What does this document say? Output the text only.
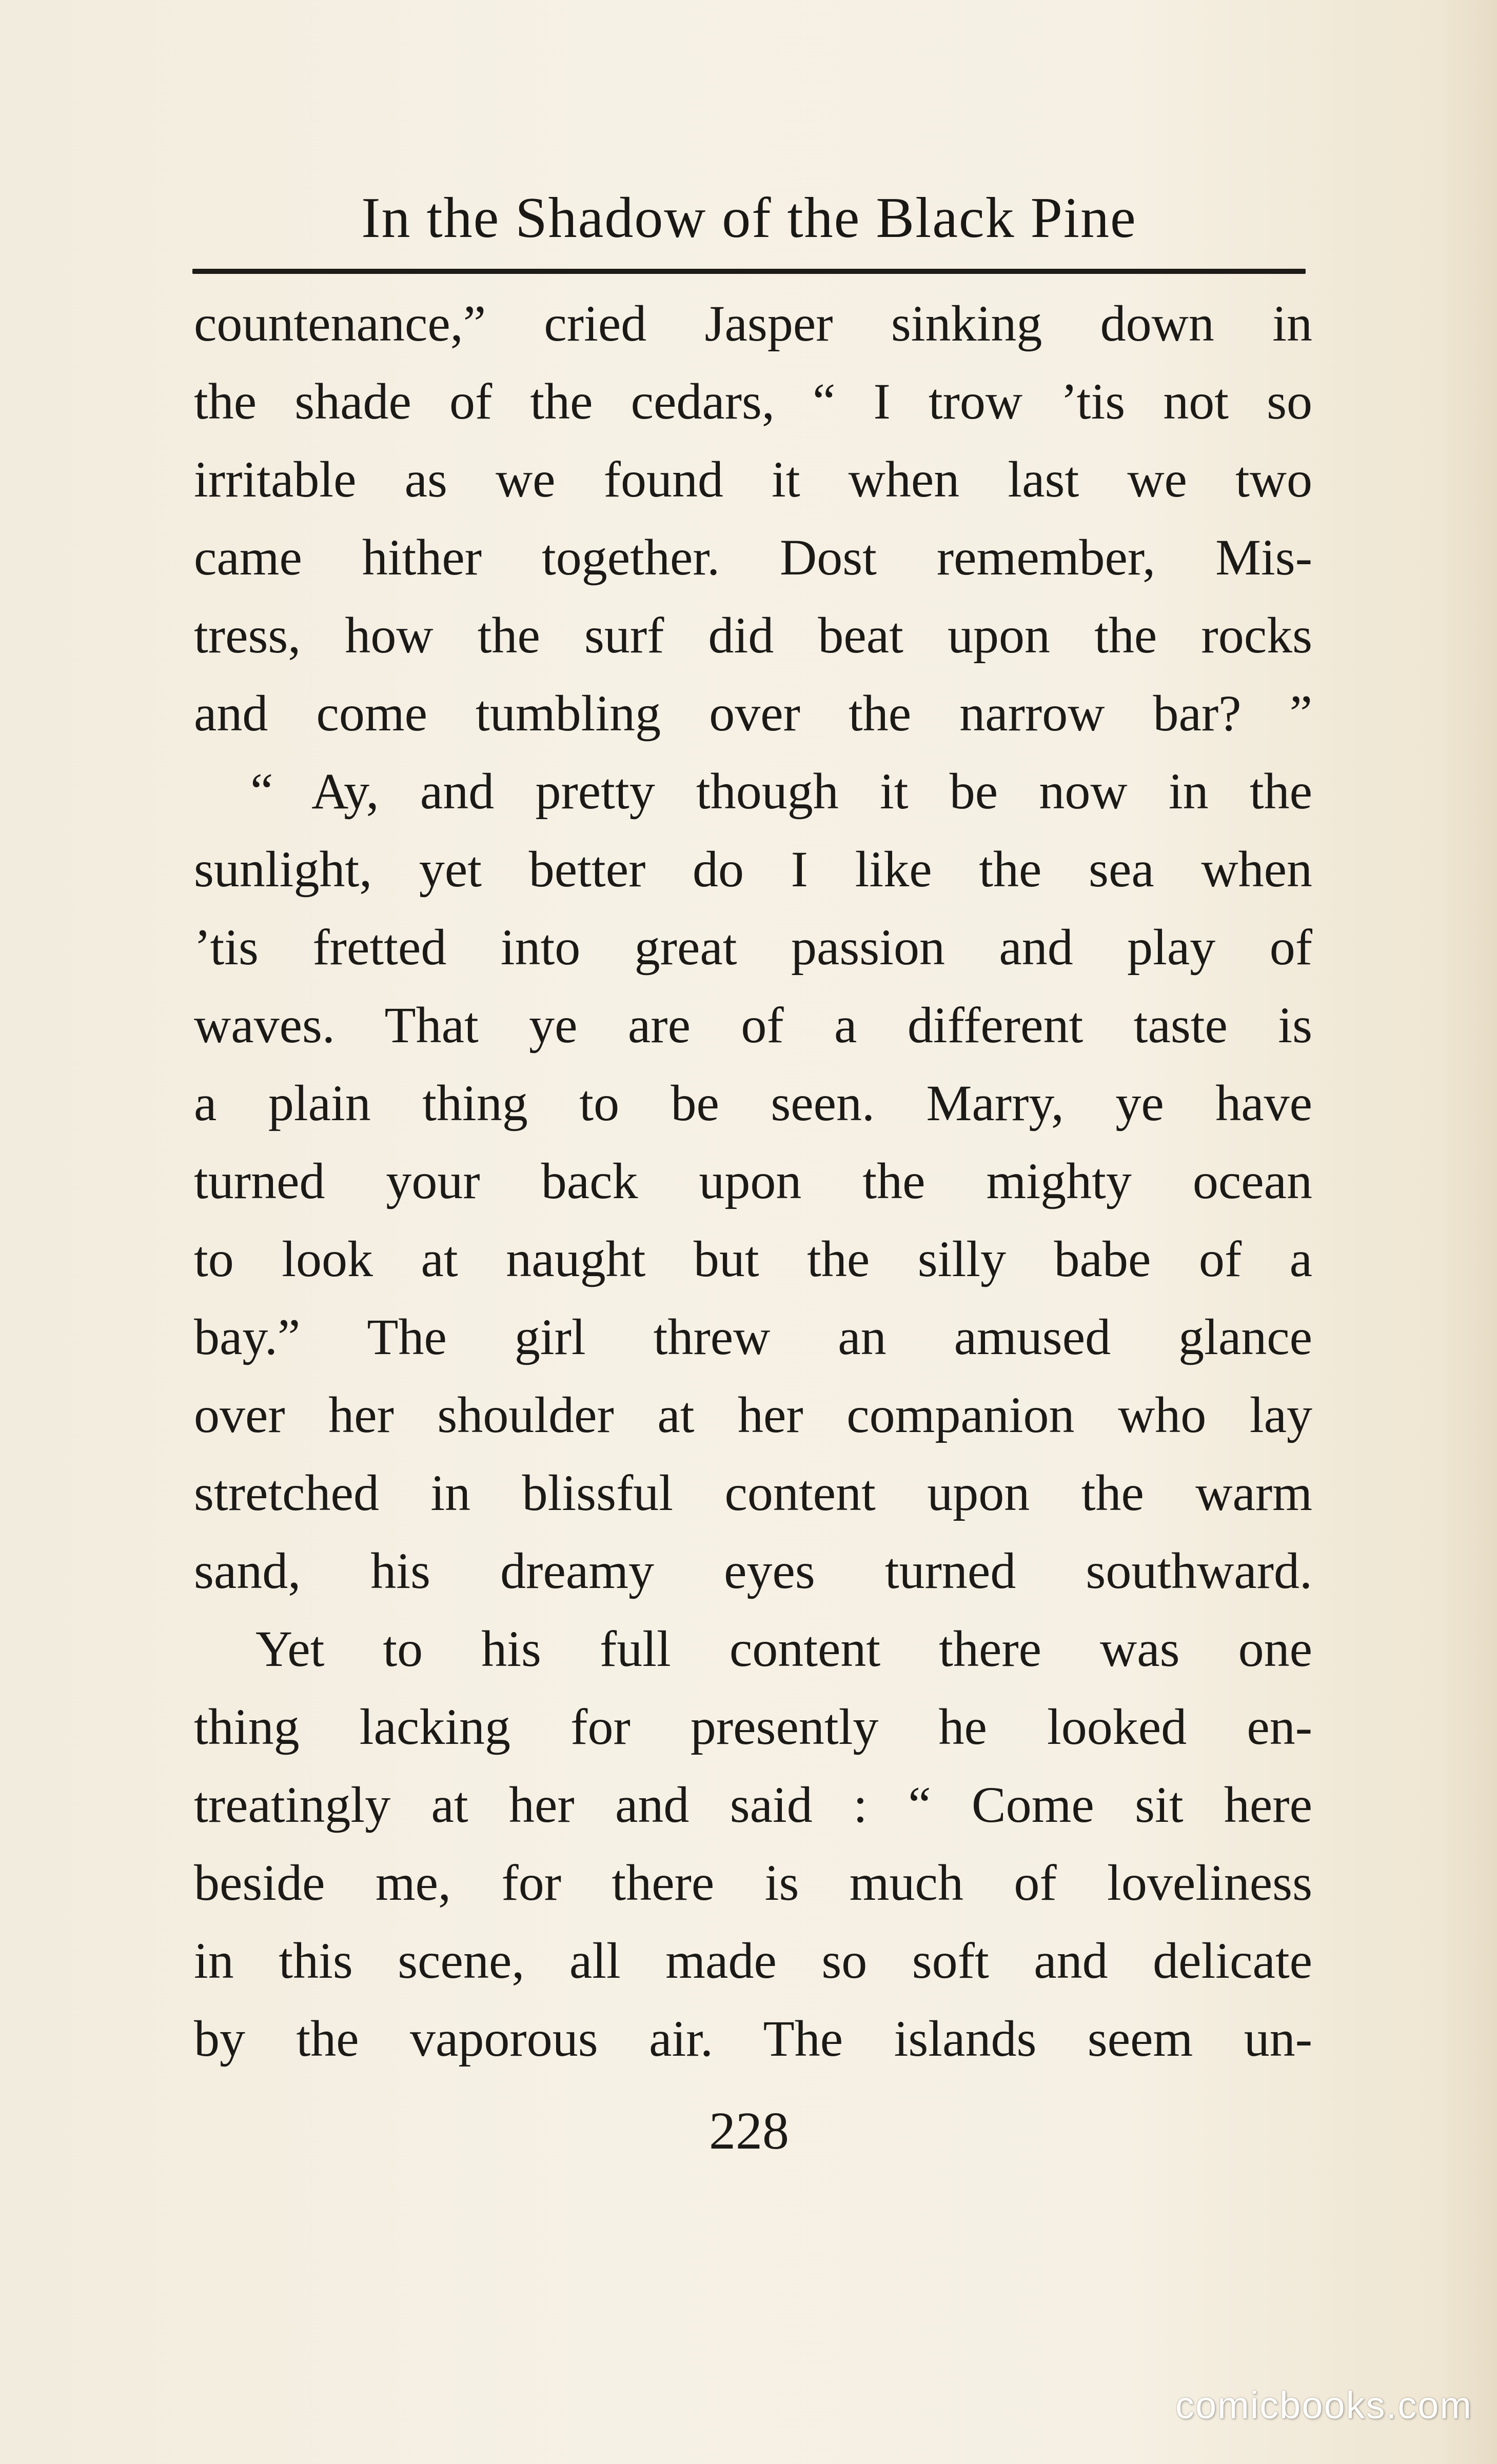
In the Shadow of the Black Pine
countenance,” cried Jasper sinking down in
the shade of the cedars, “ I trow ’tis not so
irritable as we found it when last we two
came hither together. Dost remember, Mis-
tress, how the surf did beat upon the rocks
and come tumbling over the narrow bar? ”
“ Ay, and pretty though it be now in the
sunlight, yet better do I like the sea when
’tis fretted into great passion and play of
waves. That ye are of a different taste is
a plain thing to be seen. Marry, ye have
turned your back upon the mighty ocean
to look at naught but the silly babe of a
bay.” The girl threw an amused glance
over her shoulder at her companion who lay
stretched in blissful content upon the warm
sand, his dreamy eyes turned southward.
Yet to his full content there was one
thing lacking for presently he looked en-
treatingly at her and said : “ Come sit here
beside me, for there is much of loveliness
in this scene, all made so soft and delicate
by the vaporous air. The islands seem un-
228
comicbooks.com
